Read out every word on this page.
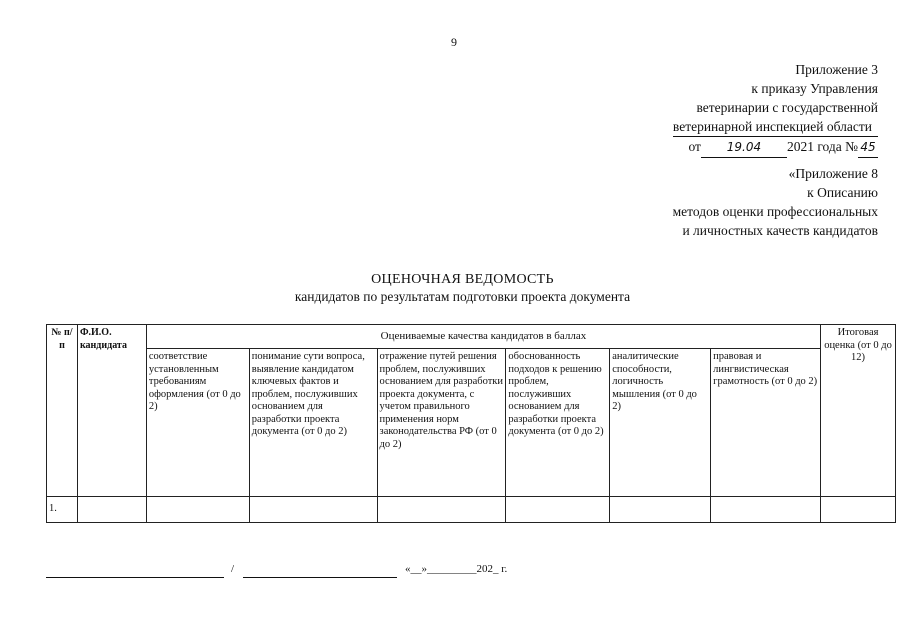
9
Приложение 3
к приказу Управления
ветеринарии с государственной
ветеринарной инспекцией области
от 19.04 2021 года № 45
«Приложение 8
к Описанию
методов оценки профессиональных
и личностных качеств кандидатов
ОЦЕНОЧНАЯ ВЕДОМОСТЬ
кандидатов по результатам подготовки проекта документа
№ п/п	Ф.И.О. кандидата	Оцениваемые качества кандидатов в баллах						Итоговая оценка (от 0 до 12)
		соответствие установленным требованиям оформления (от 0 до 2)	понимание сути вопроса, выявление кандидатом ключевых фактов и проблем, послуживших основанием для разработки проекта документа (от 0 до 2)	отражение путей решения проблем, послуживших основанием для разработки проекта документа, с учетом правильного применения норм законодательства РФ (от 0 до 2)	обоснованность подходов к решению проблем, послуживших основанием для разработки проекта документа (от 0 до 2)	аналитические способности, логичность мышления (от 0 до 2)	правовая и лингвистическая грамотность (от 0 до 2)	
1.								
/	«__»_________202_ г.
